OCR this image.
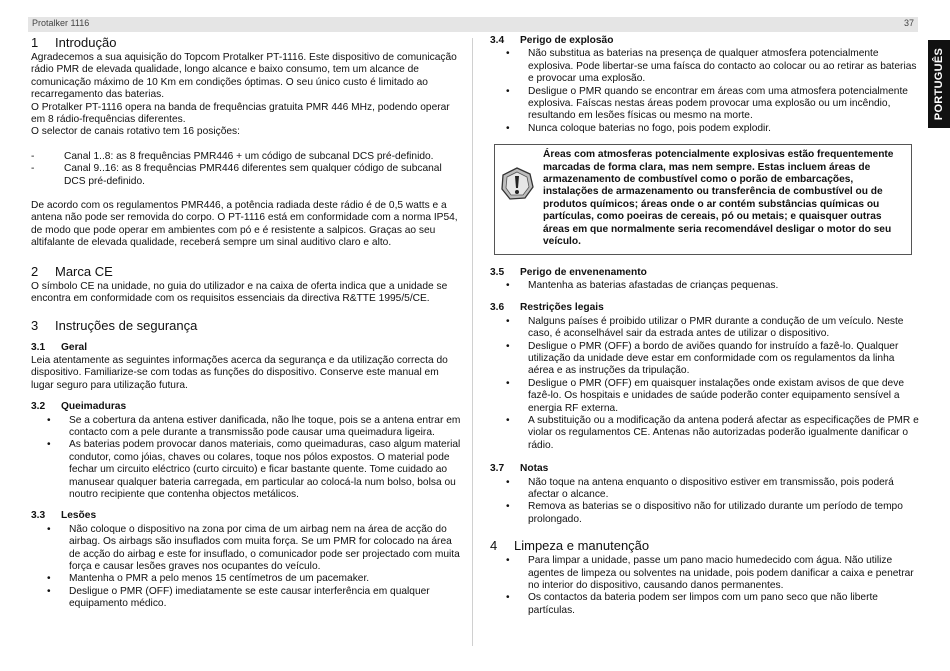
Protalker 1116	37
PORTUGUÊS
1 Introdução

Agradecemos a sua aquisição do Topcom Protalker PT-1116. Este dispositivo de comunicação rádio PMR de elevada qualidade, longo alcance e baixo consumo, tem um alcance de comunicação máximo de 10 Km em condições óptimas. O seu único custo é limitado ao recarregamento das baterias.

O Protalker PT-1116 opera na banda de frequências gratuita PMR 446 MHz, podendo operar em 8 rádio-frequências diferentes.

O selector de canais rotativo tem 16 posições:

- Canal 1..8: as 8 frequências PMR446 + um código de subcanal DCS pré-definido.
- Canal 9..16: as 8 frequências PMR446 diferentes sem qualquer código de subcanal DCS pré-definido.

De acordo com os regulamentos PMR446, a potência radiada deste rádio é de 0,5 watts e a antena não pode ser removida do corpo. O PT-1116 está em conformidade com a norma IP54, de modo que pode operar em ambientes com pó e é resistente a salpicos. Graças ao seu altifalante de elevada qualidade, receberá sempre um sinal auditivo claro e alto.

2 Marca CE

O símbolo CE na unidade, no guia do utilizador e na caixa de oferta indica que a unidade se encontra em conformidade com os requisitos essenciais da directiva R&TTE 1995/5/CE.

3 Instruções de segurança
3.1 Geral

Leia atentamente as seguintes informações acerca da segurança e da utilização correcta do dispositivo. Familiarize-se com todas as funções do dispositivo. Conserve este manual em lugar seguro para utilização futura.

3.2 Queimaduras
• Se a cobertura da antena estiver danificada, não lhe toque, pois se a antena entrar em contacto com a pele durante a transmissão pode causar uma queimadura ligeira.
• As baterias podem provocar danos materiais, como queimaduras, caso algum material condutor, como jóias, chaves ou colares, toque nos pólos expostos. O material pode fechar um circuito eléctrico (curto circuito) e ficar bastante quente. Tome cuidado ao manusear qualquer bateria carregada, em particular ao colocá-la num bolso, bolsa ou noutro recipiente que contenha objectos metálicos.
3.3 Lesões
• Não coloque o dispositivo na zona por cima de um airbag nem na área de acção do airbag. Os airbags são insuflados com muita força. Se um PMR for colocado na área de acção do airbag e este for insuflado, o comunicador pode ser projectado com muita força e causar lesões graves nos ocupantes do veículo.
• Mantenha o PMR a pelo menos 15 centímetros de um pacemaker.
• Desligue o PMR (OFF) imediatamente se este causar interferência em qualquer equipamento médico.
3.4 Perigo de explosão
• Não substitua as baterias na presença de qualquer atmosfera potencialmente explosiva. Pode libertar-se uma faísca do contacto ao colocar ou ao retirar as baterias e provocar uma explosão.
• Desligue o PMR quando se encontrar em áreas com uma atmosfera potencialmente explosiva. Faíscas nestas áreas podem provocar uma explosão ou um incêndio, resultando em lesões físicas ou mesmo na morte.
• Nunca coloque baterias no fogo, pois podem explodir.
Áreas com atmosferas potencialmente explosivas estão frequentemente marcadas de forma clara, mas nem sempre. Estas incluem áreas de armazenamento de combustível como o porão de embarcações, instalações de armazenamento ou transferência de combustível ou de produtos químicos; áreas onde o ar contém substâncias químicas ou partículas, como poeiras de cereais, pó ou metais; e quaisquer outras áreas em que normalmente seria recomendável desligar o motor do seu veículo.
3.5 Perigo de envenenamento
• Mantenha as baterias afastadas de crianças pequenas.
3.6 Restrições legais
• Nalguns países é proibido utilizar o PMR durante a condução de um veículo. Neste caso, é aconselhável sair da estrada antes de utilizar o dispositivo.
• Desligue o PMR (OFF) a bordo de aviões quando for instruído a fazê-lo. Qualquer utilização da unidade deve estar em conformidade com os regulamentos da linha aérea e as instruções da tripulação.
• Desligue o PMR (OFF) em quaisquer instalações onde existam avisos de que deve fazê-lo. Os hospitais e unidades de saúde poderão conter equipamento sensível a energia RF externa.
• A substituição ou a modificação da antena poderá afectar as especificações de PMR e violar os regulamentos CE. Antenas não autorizadas poderão igualmente danificar o rádio.
3.7 Notas
• Não toque na antena enquanto o dispositivo estiver em transmissão, pois poderá afectar o alcance.
• Remova as baterias se o dispositivo não for utilizado durante um período de tempo prolongado.
4 Limpeza e manutenção
• Para limpar a unidade, passe um pano macio humedecido com água. Não utilize agentes de limpeza ou solventes na unidade, pois podem danificar a caixa e penetrar no interior do dispositivo, causando danos permanentes.
• Os contactos da bateria podem ser limpos com um pano seco que não liberte partículas.
